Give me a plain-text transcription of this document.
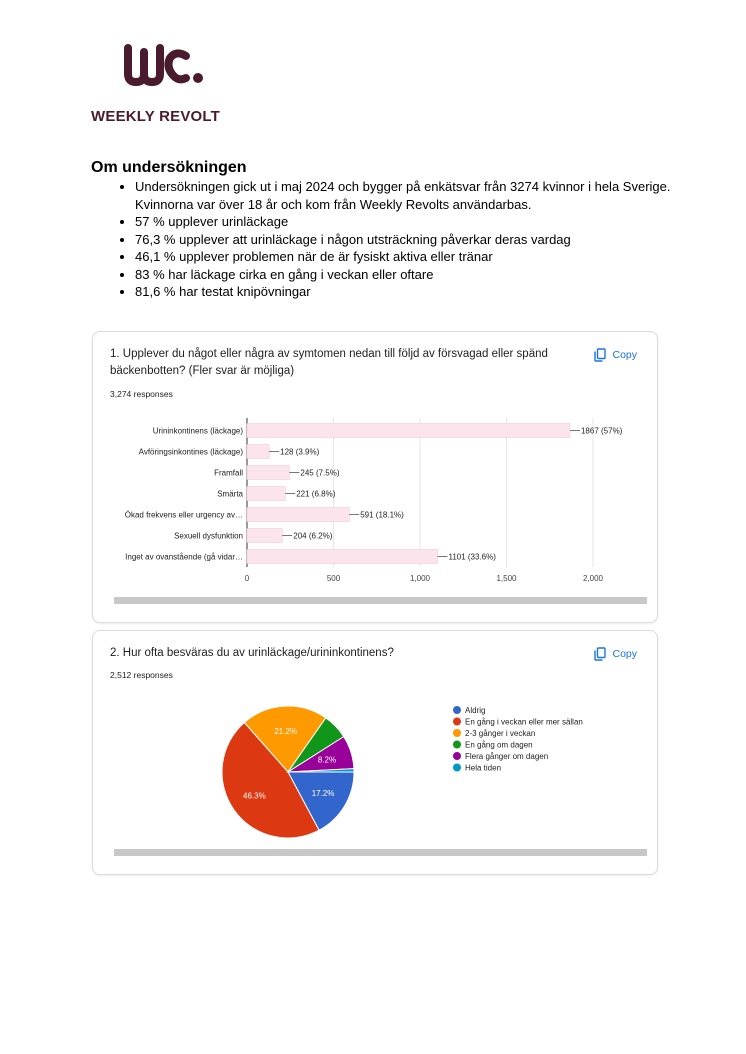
WEEKLY REVOLT
Om undersökningen
• Undersökningen gick ut i maj 2024 och bygger på enkätsvar från 3274 kvinnor i hela Sverige. Kvinnorna var över 18 år och kom från Weekly Revolts användarbas.
• 57 % upplever urinläckage
• 76,3 % upplever att urinläckage i någon utsträckning påverkar deras vardag
• 46,1 % upplever problemen när de är fysiskt aktiva eller tränar
• 83 % har läckage cirka en gång i veckan eller oftare
• 81,6 % har testat knipövningar
1. Upplever du något eller några av symtomen nedan till följd av försvagad eller spänd bäckenbotten? (Fler svar är möjliga)
3,274 responses
Copy
0	500	1,000	1,500	2,000
Urininkontinens (läckage)	1867 (57%)
Avföringsinkontines (läckage)	128 (3.9%)
Framfall	245 (7.5%)
Smärta	221 (6.8%)
Ökad frekvens eller urgency av…	591 (18.1%)
Sexuell dysfunktion	204 (6.2%)
Inget av ovanstående (gå vidar…	1101 (33.6%)
2. Hur ofta besväras du av urinläckage/urininkontinens?
2,512 responses
Copy
17.2%
46.3%
21.2%
8.2%
Aldrig
En gång i veckan eller mer sällan
2-3 gånger i veckan
En gång om dagen
Flera gånger om dagen
Hela tiden
